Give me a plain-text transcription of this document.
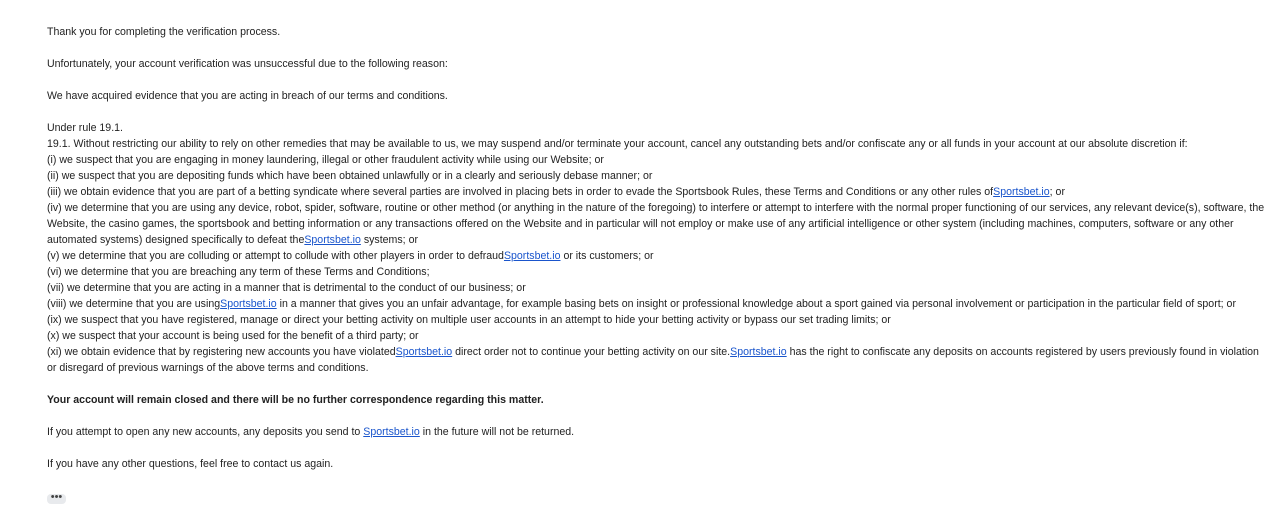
Thank you for completing the verification process.
Unfortunately, your account verification was unsuccessful due to the following reason:
We have acquired evidence that you are acting in breach of our terms and conditions.
Under rule 19.1.
19.1. Without restricting our ability to rely on other remedies that may be available to us, we may suspend and/or terminate your account, cancel any outstanding bets and/or confiscate any or all funds in your account at our absolute discretion if:
(i) we suspect that you are engaging in money laundering, illegal or other fraudulent activity while using our Website; or
(ii) we suspect that you are depositing funds which have been obtained unlawfully or in a clearly and seriously debase manner; or
(iii) we obtain evidence that you are part of a betting syndicate where several parties are involved in placing bets in order to evade the Sportsbook Rules, these Terms and Conditions or any other rules ofSportsbet.io; or
(iv) we determine that you are using any device, robot, spider, software, routine or other method (or anything in the nature of the foregoing) to interfere or attempt to interfere with the normal proper functioning of our services, any relevant device(s), software, the Website, the casino games, the sportsbook and betting information or any transactions offered on the Website and in particular will not employ or make use of any artificial intelligence or other system (including machines, computers, software or any other automated systems) designed specifically to defeat theSportsbet.io systems; or
(v) we determine that you are colluding or attempt to collude with other players in order to defraudSportsbet.io or its customers; or
(vi) we determine that you are breaching any term of these Terms and Conditions;
(vii) we determine that you are acting in a manner that is detrimental to the conduct of our business; or
(viii) we determine that you are usingSportsbet.io in a manner that gives you an unfair advantage, for example basing bets on insight or professional knowledge about a sport gained via personal involvement or participation in the particular field of sport; or
(ix) we suspect that you have registered, manage or direct your betting activity on multiple user accounts in an attempt to hide your betting activity or bypass our set trading limits; or
(x) we suspect that your account is being used for the benefit of a third party; or
(xi) we obtain evidence that by registering new accounts you have violatedSportsbet.io direct order not to continue your betting activity on our site.Sportsbet.io has the right to confiscate any deposits on accounts registered by users previously found in violation or disregard of previous warnings of the above terms and conditions.
Your account will remain closed and there will be no further correspondence regarding this matter.
If you attempt to open any new accounts, any deposits you send to Sportsbet.io in the future will not be returned.
If you have any other questions, feel free to contact us again.
•••
